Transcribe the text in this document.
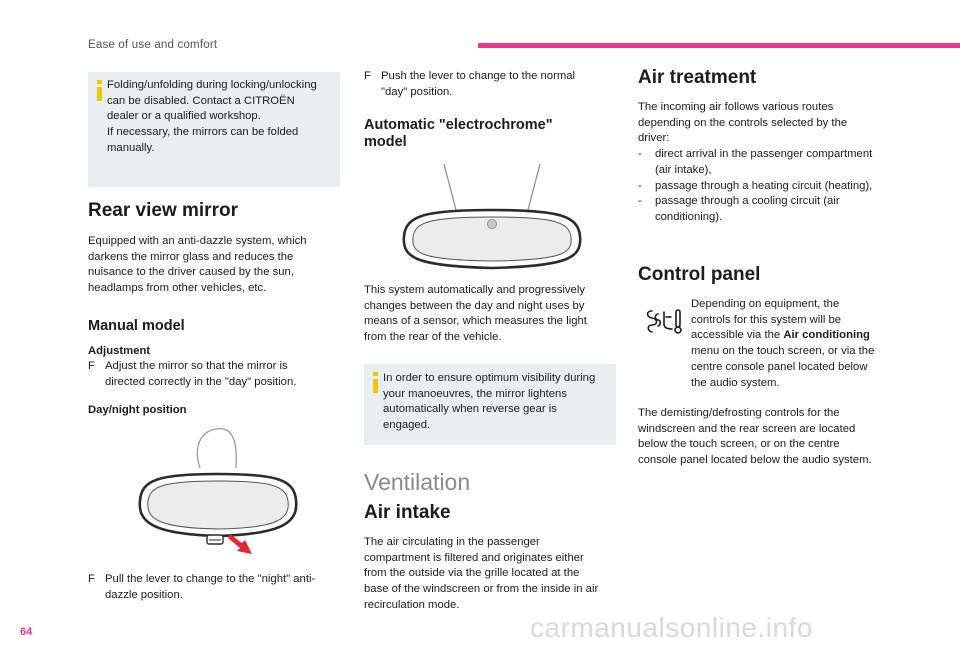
Ease of use and comfort
Folding/unfolding during locking/unlocking
can be disabled. Contact a CITROËN
dealer or a qualified workshop.
If necessary, the mirrors can be folded
manually.
Rear view mirror
Equipped with an anti-dazzle system, which
darkens the mirror glass and reduces the
nuisance to the driver caused by the sun,
headlamps from other vehicles, etc.
Manual model
Adjustment
F Adjust the mirror so that the mirror is
directed correctly in the "day" position.
Day/night position
F Pull the lever to change to the "night" anti-
dazzle position.
F Push the lever to change to the normal
"day" position.
Automatic "electrochrome"
model
This system automatically and progressively
changes between the day and night uses by
means of a sensor, which measures the light
from the rear of the vehicle.
In order to ensure optimum visibility during
your manoeuvres, the mirror lightens
automatically when reverse gear is
engaged.
Ventilation
Air intake
The air circulating in the passenger
compartment is filtered and originates either
from the outside via the grille located at the
base of the windscreen or from the inside in air
recirculation mode.
Air treatment
The incoming air follows various routes
depending on the controls selected by the
driver:
- direct arrival in the passenger compartment
(air intake),
- passage through a heating circuit (heating),
- passage through a cooling circuit (air
conditioning).
Control panel
Depending on equipment, the
controls for this system will be
accessible via the Air conditioning
menu on the touch screen, or via the
centre console panel located below
the audio system.
The demisting/defrosting controls for the
windscreen and the rear screen are located
below the touch screen, or on the centre
console panel located below the audio system.
carmanualsonline.info
64
